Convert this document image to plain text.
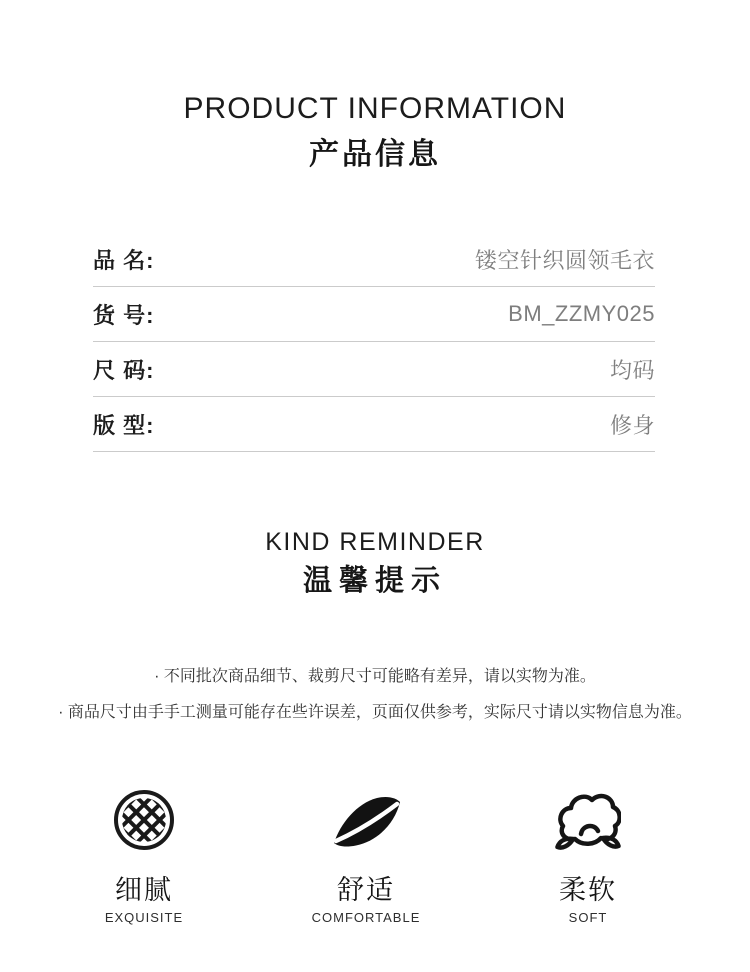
PRODUCT INFORMATION
产品信息
品 名:	镂空针织圆领毛衣
货 号:	BM_ZZMY025
尺 码:	均码
版 型:	修身
KIND REMINDER
温馨提示

· 不同批次商品细节、裁剪尺寸可能略有差异，请以实物为准。

· 商品尺寸由手手工测量可能存在些许误差，页面仅供参考，实际尺寸请以实物信息为准。

细腻
EXQUISITE
舒适
COMFORTABLE
柔软
SOFT
